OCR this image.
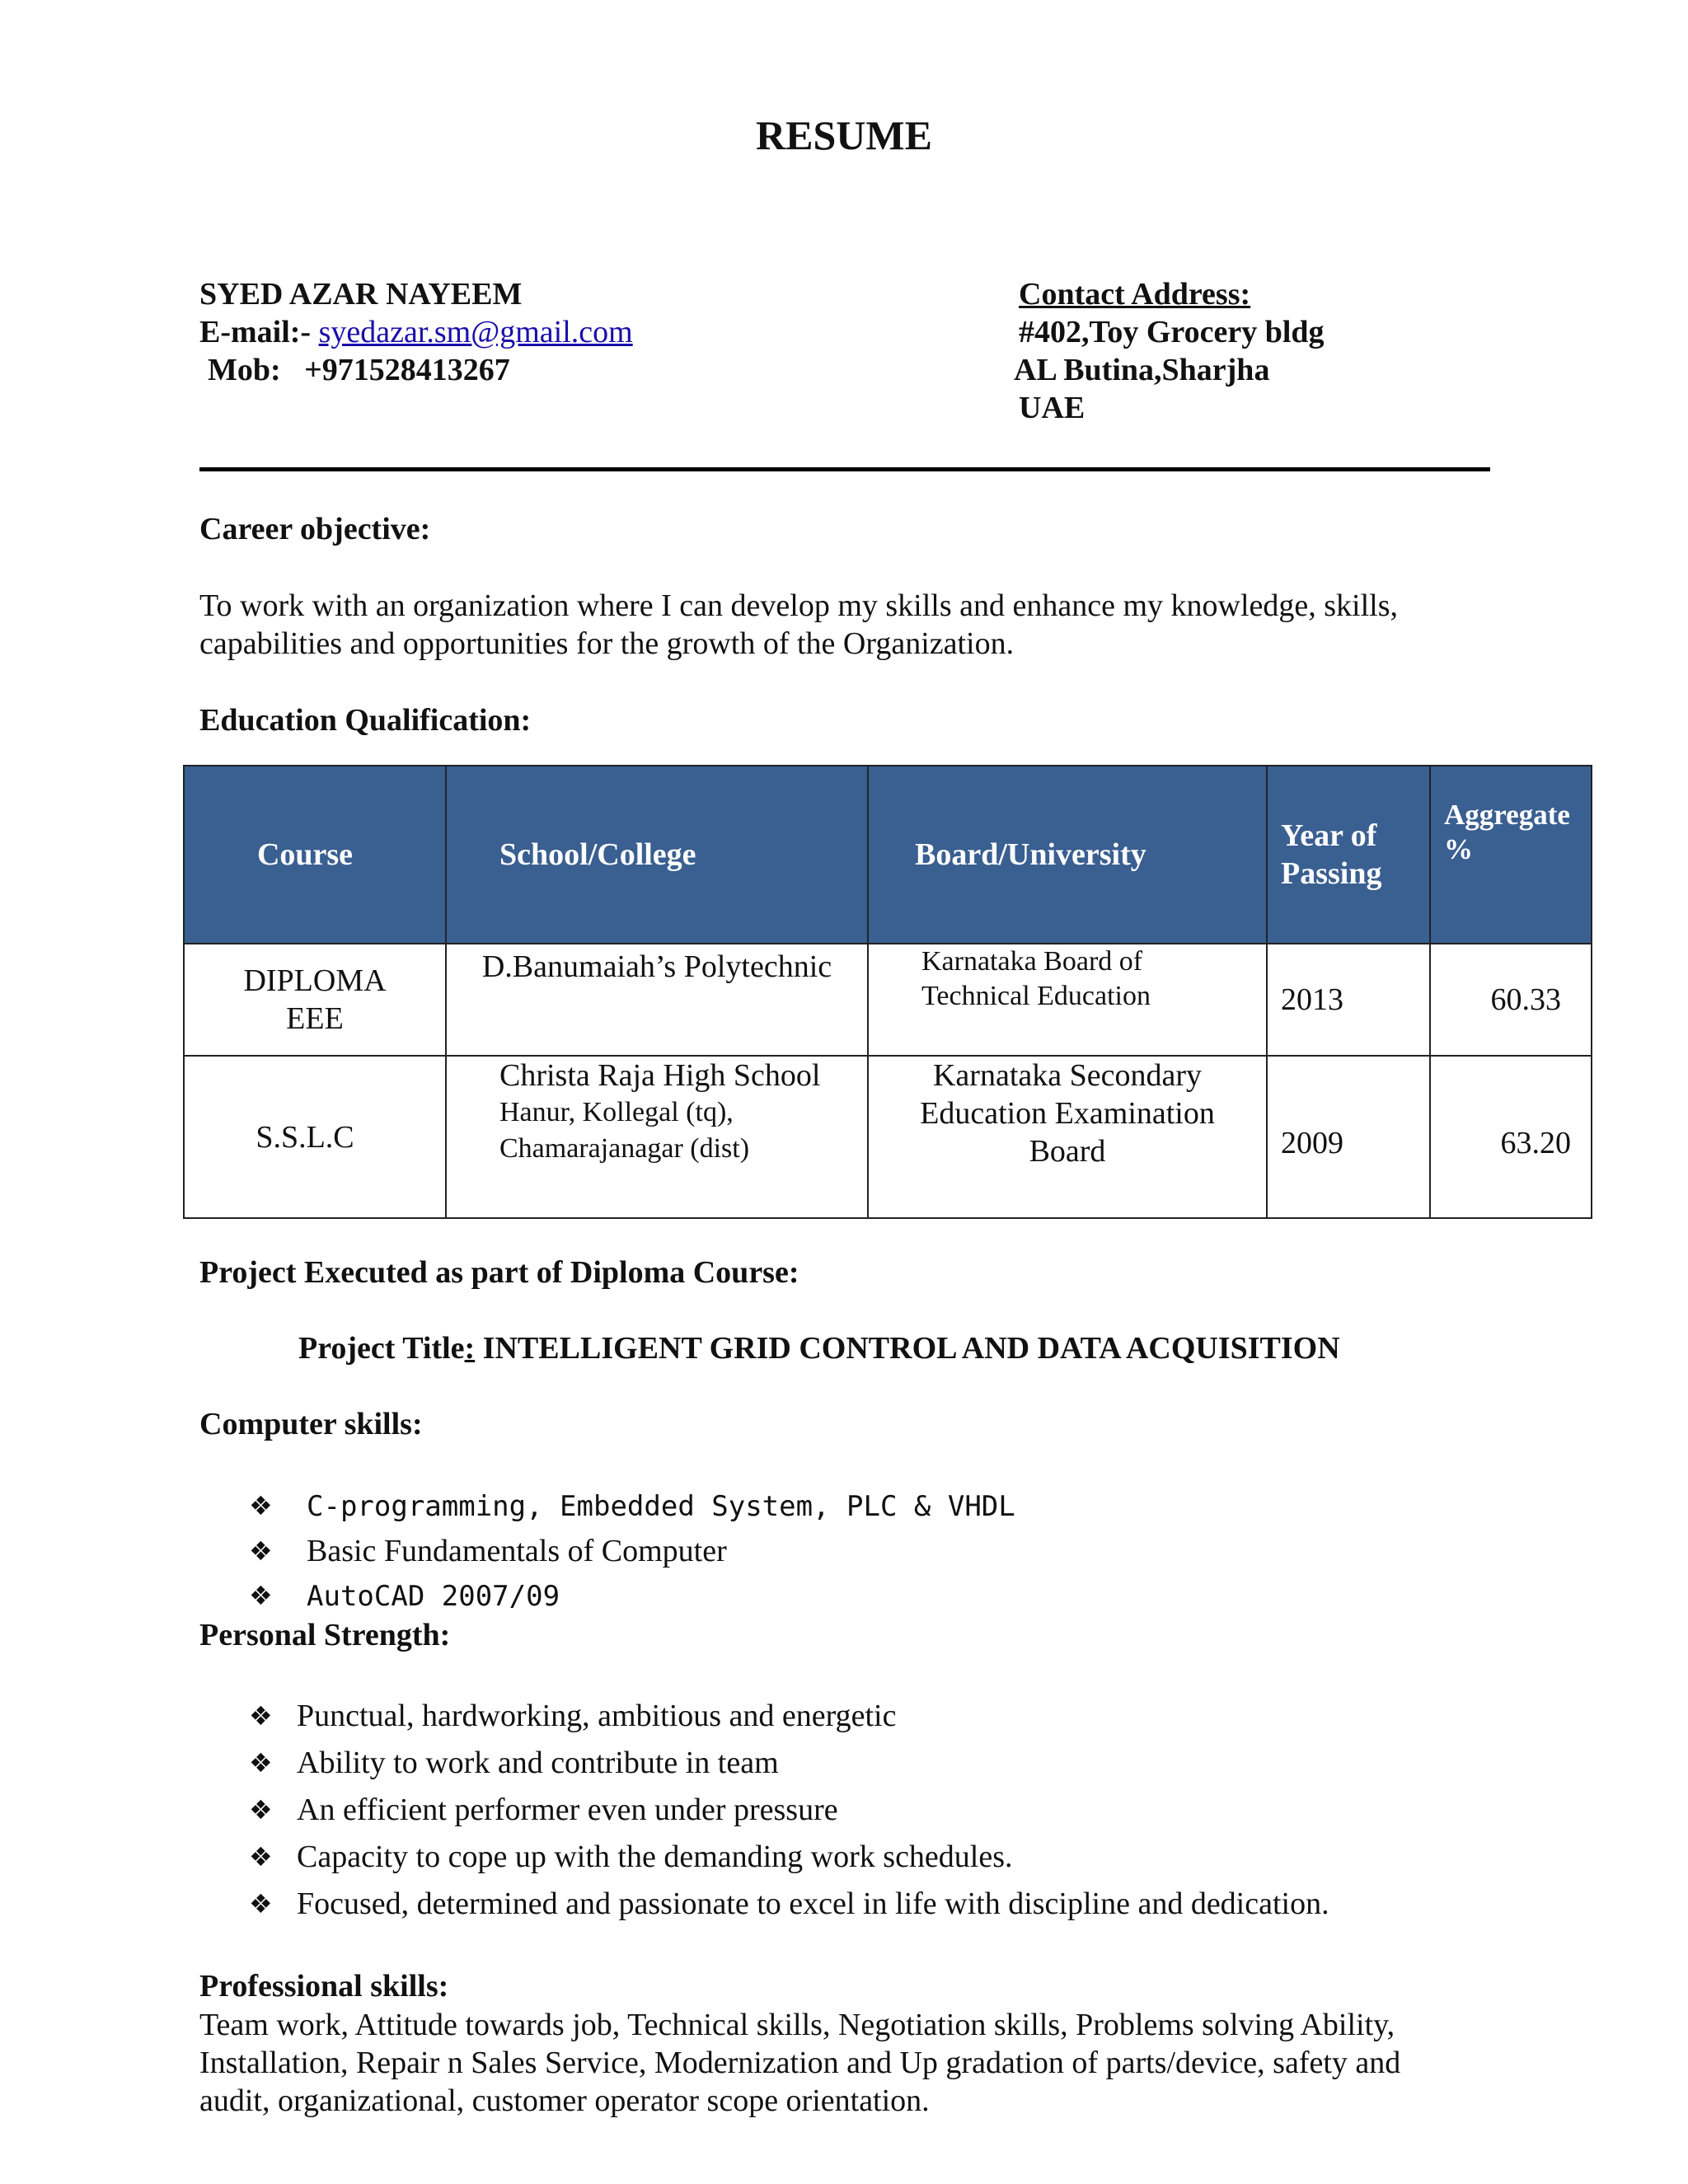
RESUME
SYED AZAR NAYEEM
E-mail:- syedazar.sm@gmail.com
Mob: +971528413267
Contact Address:
#402,Toy Grocery bldg
AL Butina,Sharjha
UAE
Career objective:
To work with an organization where I can develop my skills and enhance my knowledge, skills,
capabilities and opportunities for the growth of the Organization.
Education Qualification:
Course	School/College	Board/University	Year of Passing	Aggregate %
DIPLOMA EEE	D.Banumaiah’s Polytechnic	Karnataka Board of
Technical Education	2013	60.33
S.S.L.C	Christa Raja High School
Hanur, Kollegal (tq),
Chamarajanagar (dist)	Karnataka Secondary Education Examination Board	2009	63.20
Project Executed as part of Diploma Course:
Project Title: INTELLIGENT GRID CONTROL AND DATA ACQUISITION
Computer skills:
❖ C-programming, Embedded System, PLC & VHDL
❖ Basic Fundamentals of Computer
❖ AutoCAD 2007/09
Personal Strength:
❖ Punctual, hardworking, ambitious and energetic
❖ Ability to work and contribute in team
❖ An efficient performer even under pressure
❖ Capacity to cope up with the demanding work schedules.
❖ Focused, determined and passionate to excel in life with discipline and dedication.
Professional skills:
Team work, Attitude towards job, Technical skills, Negotiation skills, Problems solving Ability,
Installation, Repair n Sales Service, Modernization and Up gradation of parts/device, safety and
audit, organizational, customer operator scope orientation.
